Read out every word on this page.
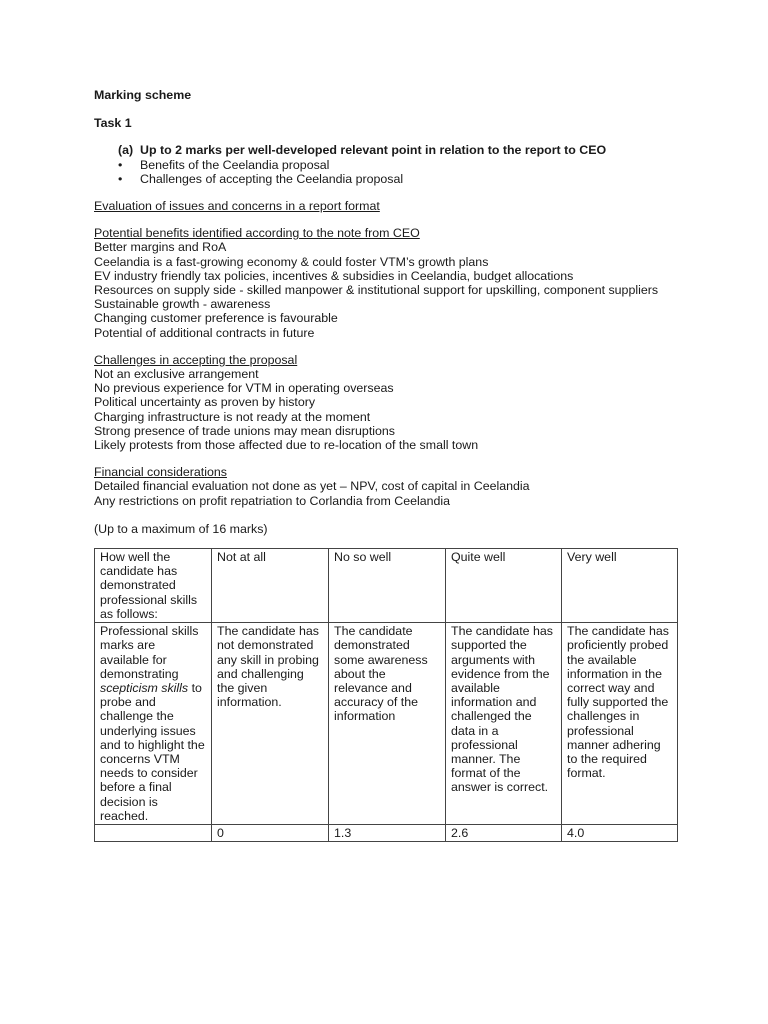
Marking scheme
Task 1
(a) Up to 2 marks per well-developed relevant point in relation to the report to CEO
• Benefits of the Ceelandia proposal
• Challenges of accepting the Ceelandia proposal
Evaluation of issues and concerns in a report format
Potential benefits identified according to the note from CEO
Better margins and RoA
Ceelandia is a fast-growing economy & could foster VTM’s growth plans
EV industry friendly tax policies, incentives & subsidies in Ceelandia, budget allocations
Resources on supply side - skilled manpower & institutional support for upskilling, component suppliers
Sustainable growth - awareness
Changing customer preference is favourable
Potential of additional contracts in future
Challenges in accepting the proposal
Not an exclusive arrangement
No previous experience for VTM in operating overseas
Political uncertainty as proven by history
Charging infrastructure is not ready at the moment
Strong presence of trade unions may mean disruptions
Likely protests from those affected due to re-location of the small town
Financial considerations
Detailed financial evaluation not done as yet – NPV, cost of capital in Ceelandia
Any restrictions on profit repatriation to Corlandia from Ceelandia
(Up to a maximum of 16 marks)
How well the candidate has demonstrated professional skills as follows:	Not at all	No so well	Quite well	Very well
Professional skills marks are available for demonstrating scepticism skills to probe and challenge the underlying issues and to highlight the concerns VTM needs to consider before a final decision is reached.	The candidate has not demonstrated any skill in probing and challenging the given information.	The candidate demonstrated some awareness about the relevance and accuracy of the information	The candidate has supported the arguments with evidence from the available information and challenged the data in a professional manner. The format of the answer is correct.	The candidate has proficiently probed the available information in the correct way and fully supported the challenges in professional manner adhering to the required format.
	0	1.3	2.6	4.0
